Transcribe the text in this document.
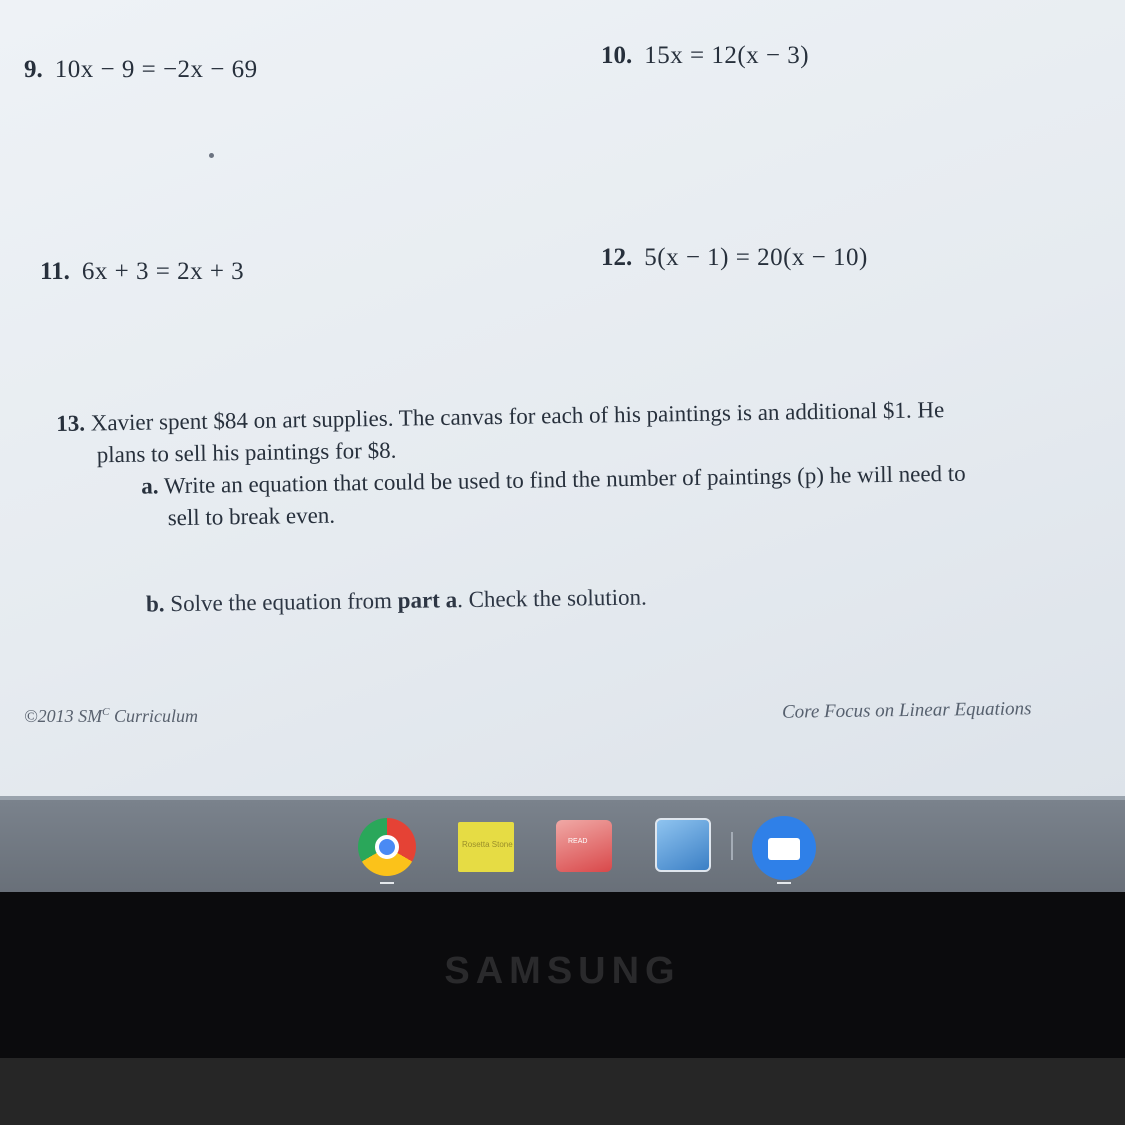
9. 10x − 9 = −2x − 69
10. 15x = 12(x − 3)
11. 6x + 3 = 2x + 3
12. 5(x − 1) = 20(x − 10)
13. Xavier spent $84 on art supplies. The canvas for each of his paintings is an additional $1. He
plans to sell his paintings for $8.
a. Write an equation that could be used to find the number of paintings (p) he will need to
sell to break even.
b. Solve the equation from part a. Check the solution.
©2013 $SM^C$ Curriculum	Core Focus on Linear Equations
Rosetta Stone	READ
SAMSUNG
